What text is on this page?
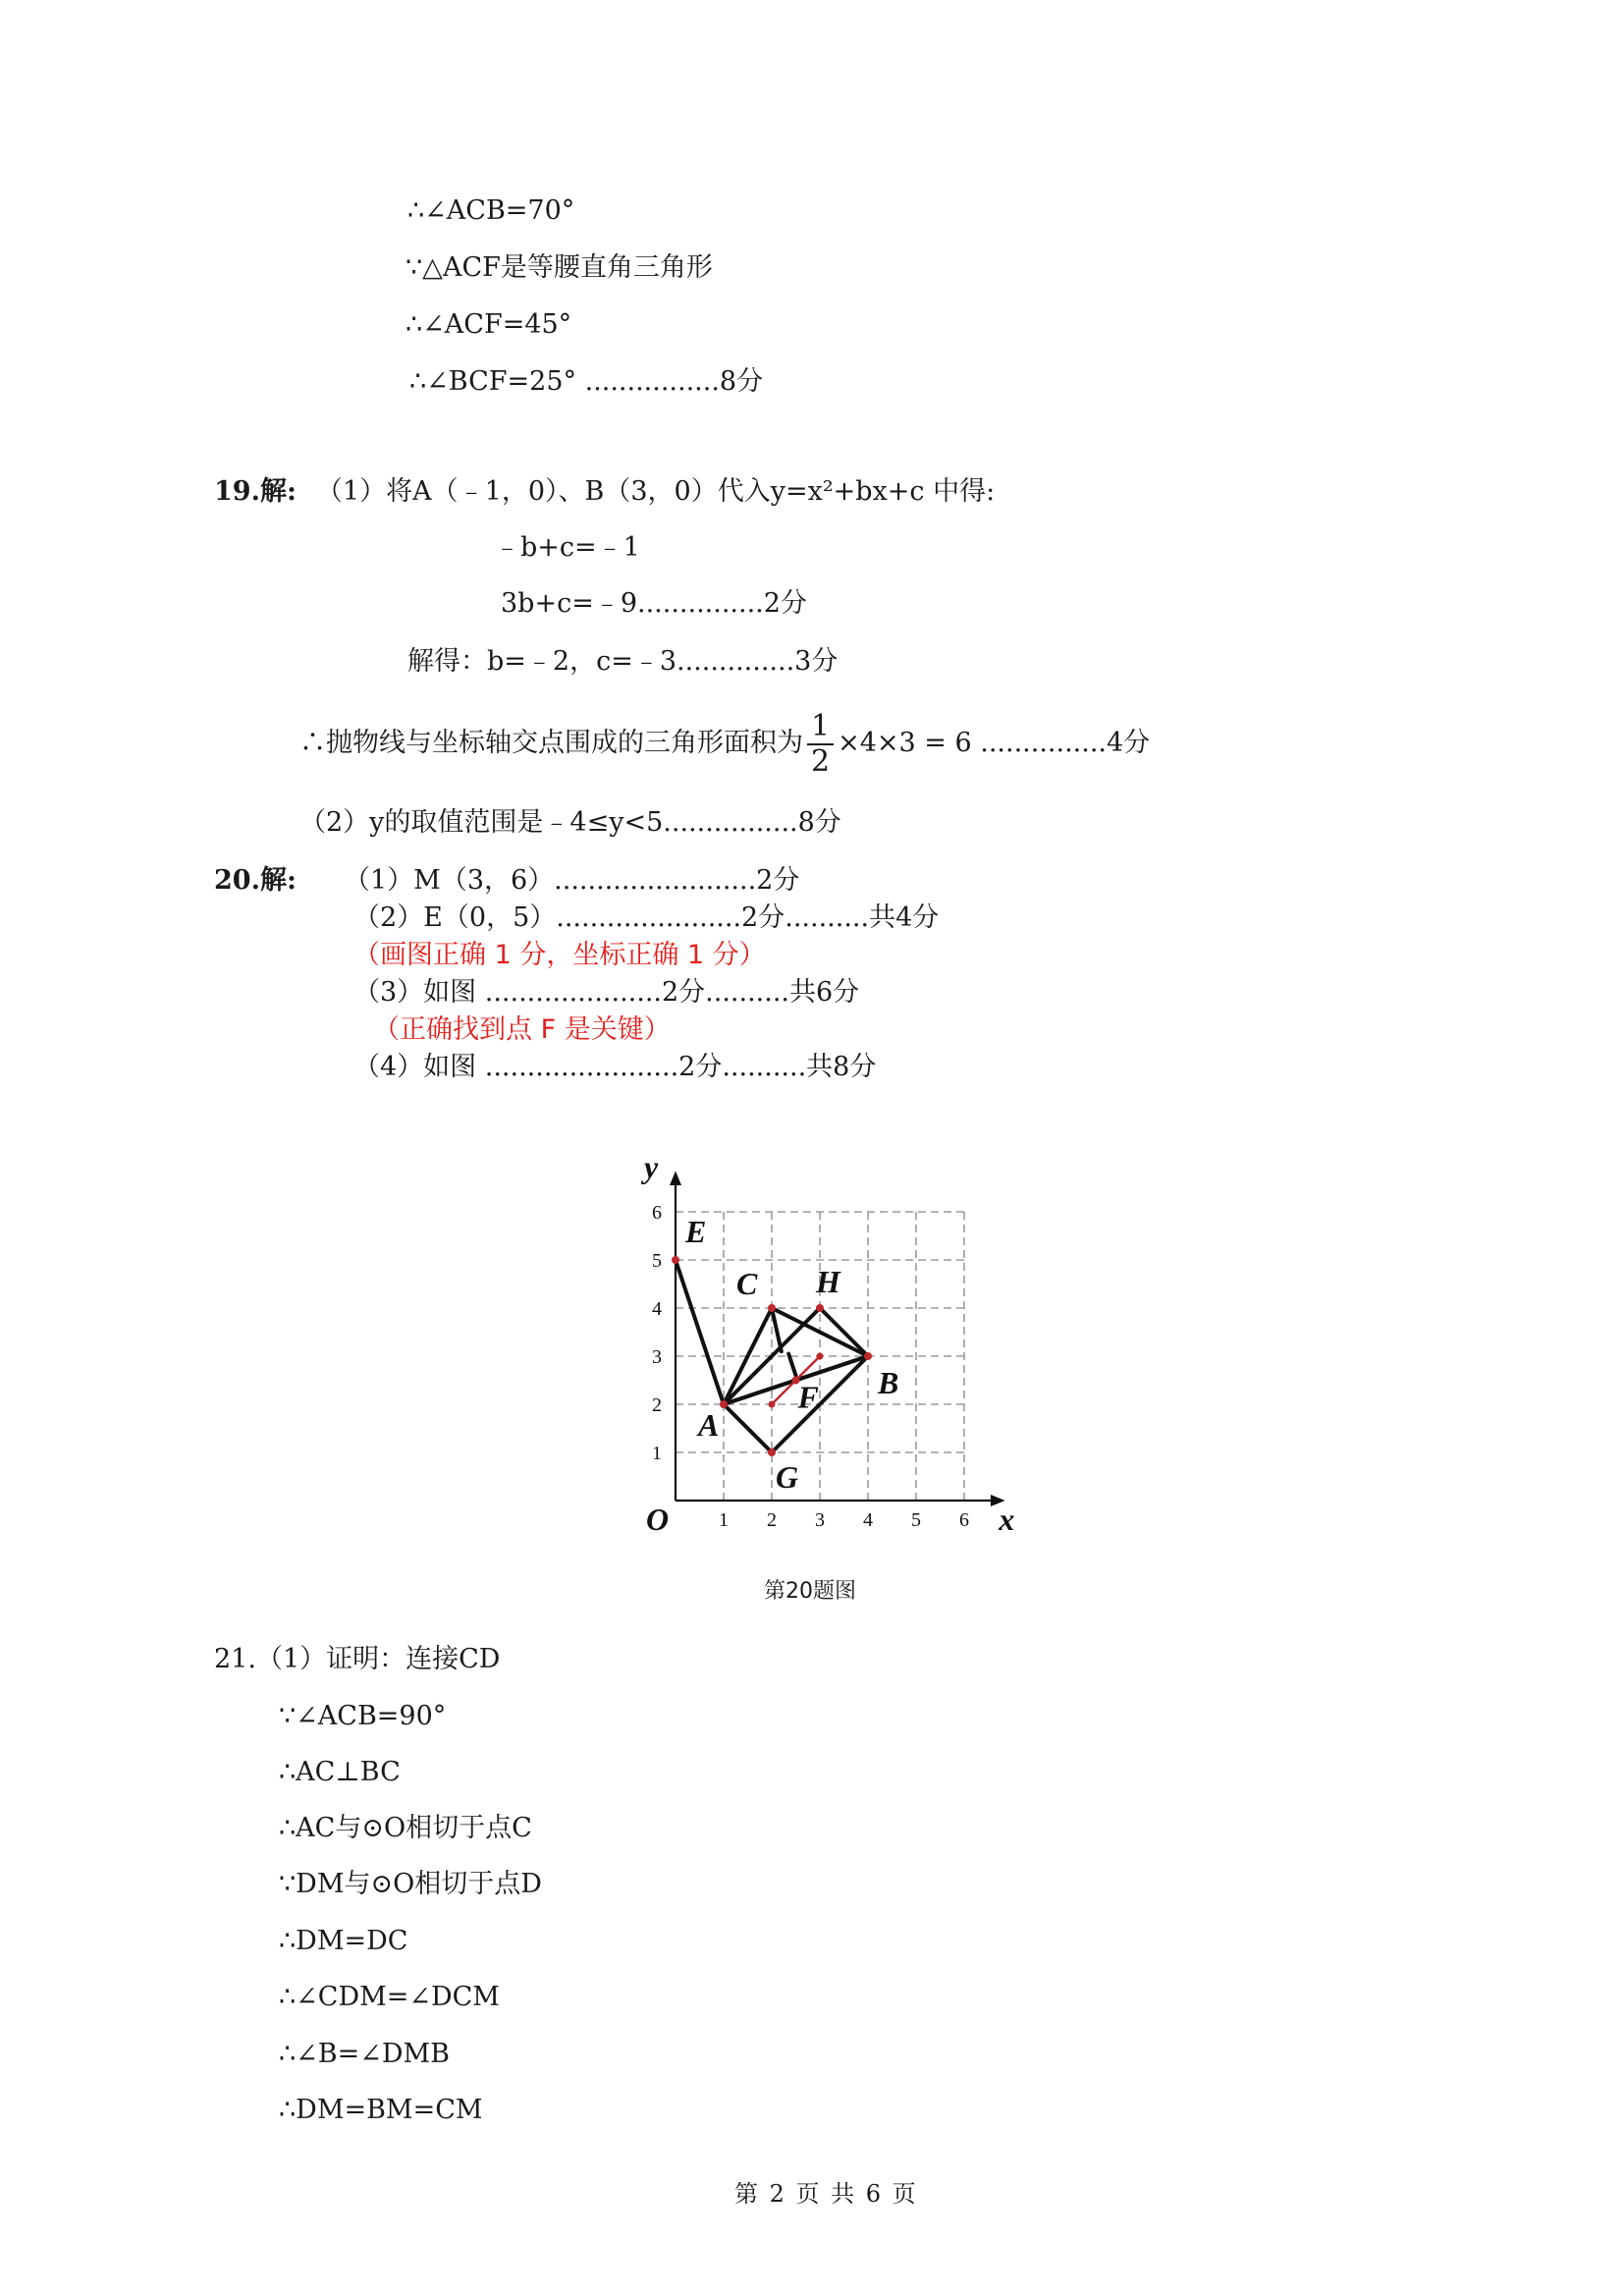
∴∠ACB=70°
∵△ACF是等腰直角三角形
∴∠ACF=45°
∴∠BCF=25° ................8分
19.解: （1）将A（﹣1，0）、B（3，0）代入y=x²+bx+c 中得:
﹣b+c=﹣1
3b+c=﹣9...............2分
解得：b=﹣2，c=﹣3..............3分
∴抛物线与坐标轴交点围成的三角形面积为 $\frac{1}{2} \times 4\times 3 = 6$ ...............4分
（2）y的取值范围是﹣4≤y<5................8分
20.解: （1）M（3，6）........................2分
（2）E（0，5）......................2分..........共4分
（画图正确 1 分，坐标正确 1 分）
（3）如图 .....................2分..........共6分
（正确找到点 F 是关键）
（4）如图 .......................2分..........共8分
1 2 3 4 5 6
1
2
3
4
5
6
O	x
y
E
A
C H
B
F
G
第20题图
21.（1）证明：连接CD
∵∠ACB=90°
∴AC⊥BC
∴AC与⊙O相切于点C
∵DM与⊙O相切于点D
∴DM=DC
∴∠CDM=∠DCM
∴∠B=∠DMB
∴DM=BM=CM
第 2 页 共 6 页
